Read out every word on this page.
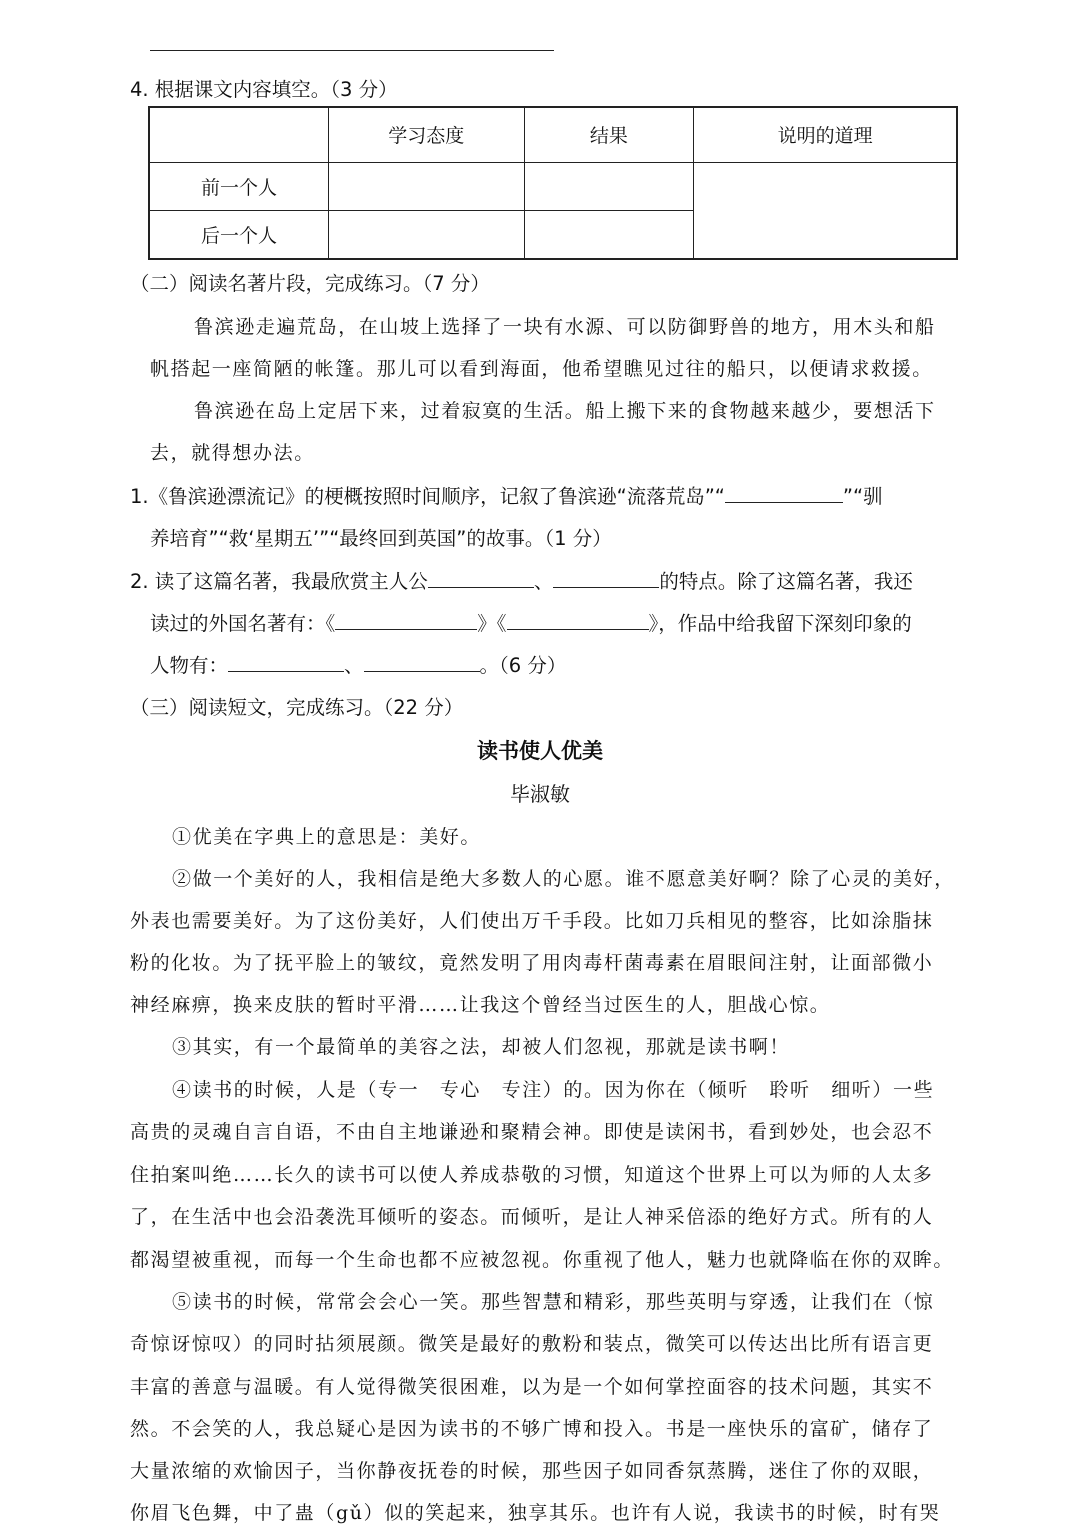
4. 根据课文内容填空。（3 分）
	学习态度	结果	说明的道理
前一个人			
后一个人			
（二）阅读名著片段，完成练习。（7 分）
鲁滨逊走遍荒岛，在山坡上选择了一块有水源、可以防御野兽的地方，用木头和船
帆搭起一座简陋的帐篷。那儿可以看到海面，他希望瞧见过往的船只，以便请求救援。
鲁滨逊在岛上定居下来，过着寂寞的生活。船上搬下来的食物越来越少，要想活下
去，就得想办法。
1.《鲁滨逊漂流记》的梗概按照时间顺序，记叙了鲁滨逊“流落荒岛”“	”“驯
养培育”“救‘星期五’”“最终回到英国”的故事。（1 分）
2. 读了这篇名著，我最欣赏主人公	、	的特点。除了这篇名著，我还
读过的外国名著有：《	》《	》，作品中给我留下深刻印象的
人物有：	、	。（6 分）
（三）阅读短文，完成练习。（22 分）
读书使人优美
毕淑敏
①优美在字典上的意思是：美好。
②做一个美好的人，我相信是绝大多数人的心愿。谁不愿意美好啊？除了心灵的美好，
外表也需要美好。为了这份美好，人们使出万千手段。比如刀兵相见的整容，比如涂脂抹
粉的化妆。为了抚平脸上的皱纹，竟然发明了用肉毒杆菌毒素在眉眼间注射，让面部微小
神经麻痹，换来皮肤的暂时平滑……让我这个曾经当过医生的人，胆战心惊。
③其实，有一个最简单的美容之法，却被人们忽视，那就是读书啊！
④读书的时候，人是（专一　专心　专注）的。因为你在（倾听　聆听　细听）一些
高贵的灵魂自言自语，不由自主地谦逊和聚精会神。即使是读闲书，看到妙处，也会忍不
住拍案叫绝……长久的读书可以使人养成恭敬的习惯，知道这个世界上可以为师的人太多
了，在生活中也会沿袭洗耳倾听的姿态。而倾听，是让人神采倍添的绝好方式。所有的人
都渴望被重视，而每一个生命也都不应被忽视。你重视了他人，魅力也就降临在你的双眸。
⑤读书的时候，常常会会心一笑。那些智慧和精彩，那些英明与穿透，让我们在（惊
奇惊讶惊叹）的同时拈须展颜。微笑是最好的敷粉和装点，微笑可以传达出比所有语言更
丰富的善意与温暖。有人觉得微笑很困难，以为是一个如何掌控面容的技术问题，其实不
然。不会笑的人，我总疑心是因为读书的不够广博和投入。书是一座快乐的富矿，储存了
大量浓缩的欢愉因子，当你静夜抚卷的时候，那些因子如同香氛蒸腾，迷住了你的双眼，
你眉飞色舞，中了蛊（gǔ）似的笑起来，独享其乐。也许有人说，我读书的时候，时有哭
